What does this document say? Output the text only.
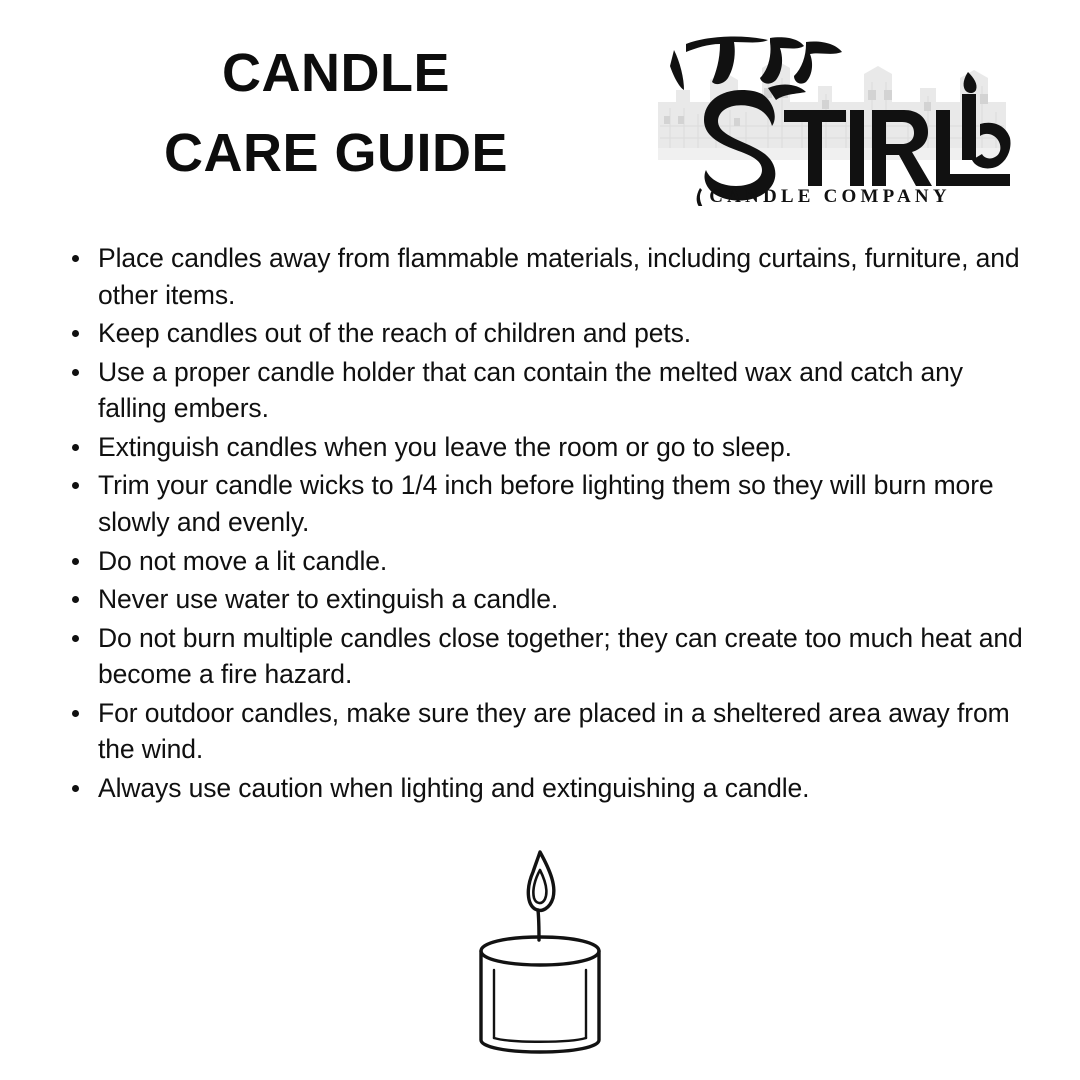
CANDLE
CARE GUIDE
CANDLE COMPANY
Place candles away from flammable materials, including curtains, furniture, and other items.
Keep candles out of the reach of children and pets.
Use a proper candle holder that can contain the melted wax and catch any falling embers.
Extinguish candles when you leave the room or go to sleep.
Trim your candle wicks to 1/4 inch before lighting them so they will burn more slowly and evenly.
Do not move a lit candle.
Never use water to extinguish a candle.
Do not burn multiple candles close together; they can create too much heat and become a fire hazard.
For outdoor candles, make sure they are placed in a sheltered area away from the wind.
Always use caution when lighting and extinguishing a candle.
